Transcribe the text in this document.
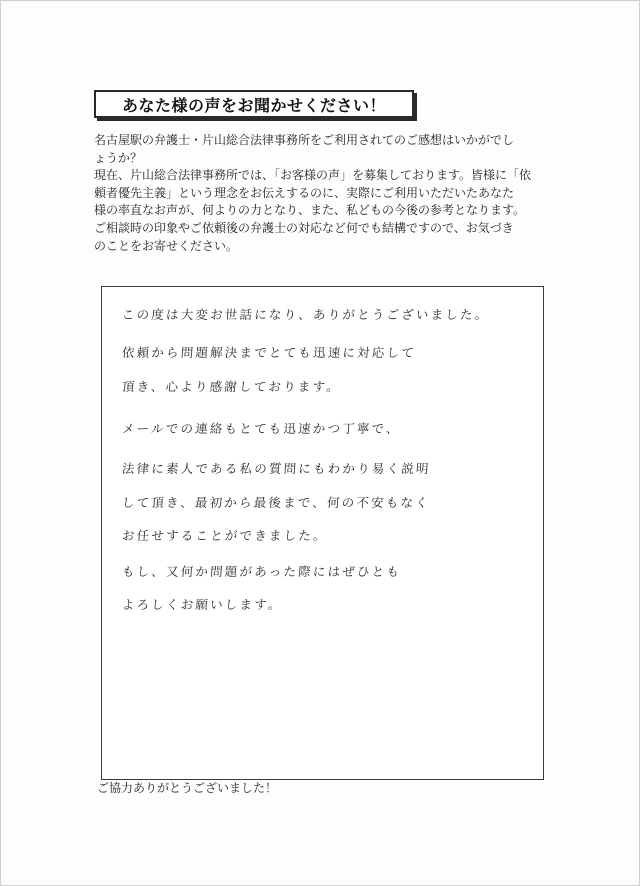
あなた様の声をお聞かせください！

名古屋駅の弁護士・片山総合法律事務所をご利用されてのご感想はいかがでし
ょうか？

現在、片山総合法律事務所では、「お客様の声」を募集しております。皆様に「依
頼者優先主義」という理念をお伝えするのに、実際にご利用いただいたあなた
様の率直なお声が、何よりの力となり、また、私どもの今後の参考となります。
ご相談時の印象やご依頼後の弁護士の対応など何でも結構ですので、お気づき
のことをお寄せください。

この度は大変お世話になり、ありがとうございました。
依頼から問題解決までとても迅速に対応して
頂き、心より感謝しております。
メールでの連絡もとても迅速かつ丁寧で、
法律に素人である私の質問にもわかり易く説明
して頂き、最初から最後まで、何の不安もなく
お任せすることができました。
もし、又何か問題があった際にはぜひとも
よろしくお願いします。
ご協力ありがとうございました！
